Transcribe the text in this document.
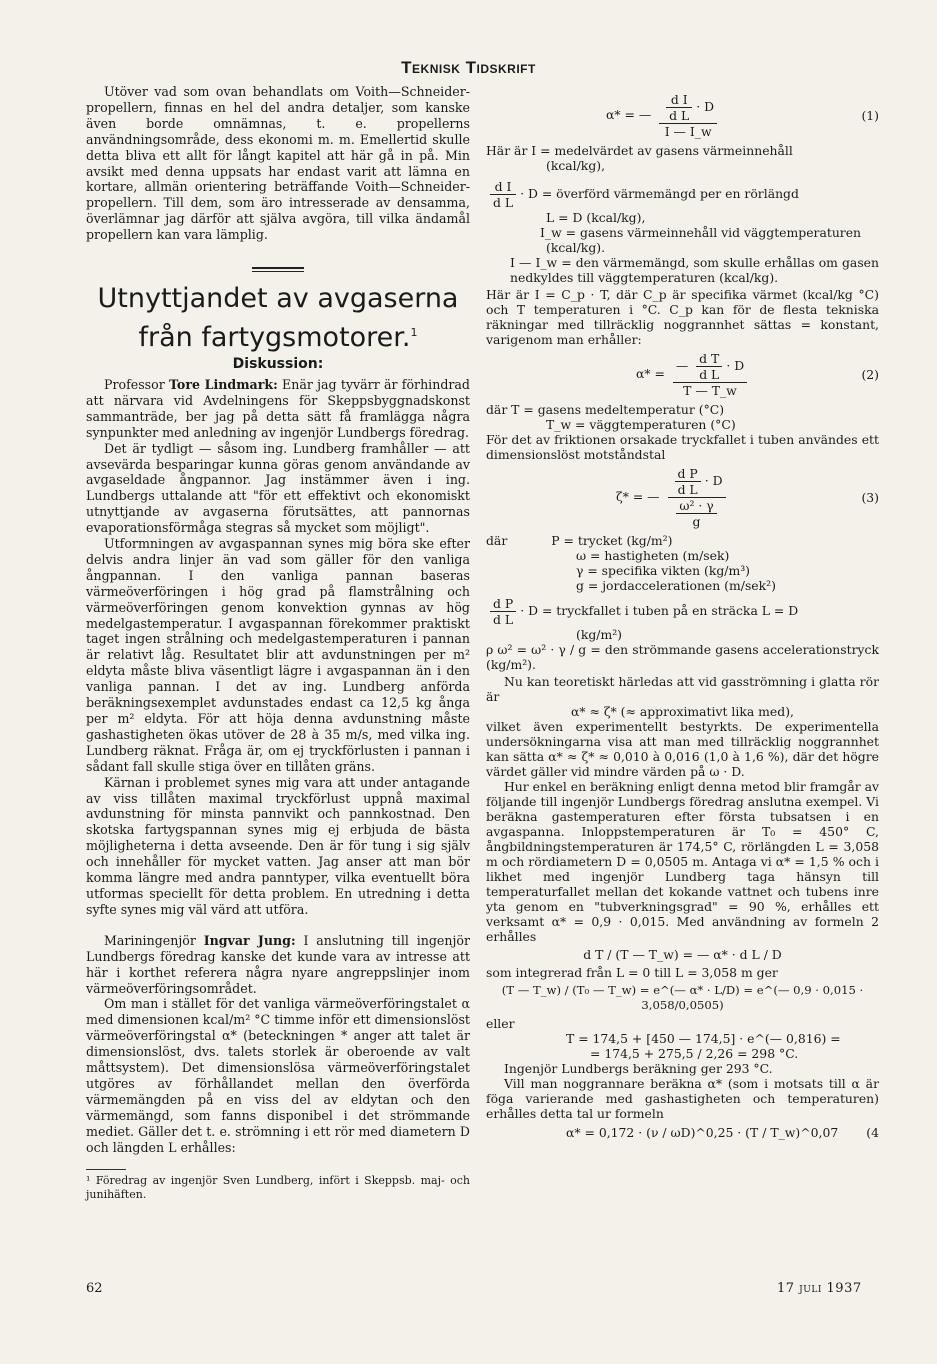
Teknisk Tidskrift

Utöver vad som ovan behandlats om Voith—Schneider-propellern, finnas en hel del andra detaljer, som kanske även borde omnämnas, t. e. propellerns användningsområde, dess ekonomi m. m. Emellertid skulle detta bliva ett allt för långt kapitel att här gå in på. Min avsikt med denna uppsats har endast varit att lämna en kortare, allmän orientering beträffande Voith—Schneider-propellern. Till dem, som äro intresserade av densamma, överlämnar jag därför att själva avgöra, till vilka ändamål propellern kan vara lämplig.

Utnyttjandet av avgaserna från fartygsmotorer.$^1$
Diskussion:

Professor Tore Lindmark: Enär jag tyvärr är förhindrad att närvara vid Avdelningens för Skeppsbyggnadskonst sammanträde, ber jag på detta sätt få framlägga några synpunkter med anledning av ingenjör Lundbergs föredrag.

Det är tydligt — såsom ing. Lundberg framhåller — att avsevärda besparingar kunna göras genom användande av avgaseldade ångpannor. Jag instämmer även i ing. Lundbergs uttalande att "för ett effektivt och ekonomiskt utnyttjande av avgaserna förutsättes, att pannornas evaporationsförmåga stegras så mycket som möjligt".

Utformningen av avgaspannan synes mig böra ske efter delvis andra linjer än vad som gäller för den vanliga ångpannan. I den vanliga pannan baseras värmeöverföringen i hög grad på flamstrålning och värmeöverföringen genom konvektion gynnas av hög medelgastemperatur. I avgaspannan förekommer praktiskt taget ingen strålning och medelgastemperaturen i pannan är relativt låg. Resultatet blir att avdunstningen per m² eldyta måste bliva väsentligt lägre i avgaspannan än i den vanliga pannan. I det av ing. Lundberg anförda beräkningsexemplet avdunstades endast ca 12,5 kg ånga per m² eldyta. För att höja denna avdunstning måste gashastigheten ökas utöver de 28 à 35 m/s, med vilka ing. Lundberg räknat. Fråga är, om ej tryckförlusten i pannan i sådant fall skulle stiga över en tillåten gräns.

Kärnan i problemet synes mig vara att under antagande av viss tillåten maximal tryckförlust uppnå maximal avdunstning för minsta pannvikt och pannkostnad. Den skotska fartygspannan synes mig ej erbjuda de bästa möjligheterna i detta avseende. Den är för tung i sig själv och innehåller för mycket vatten. Jag anser att man bör komma längre med andra panntyper, vilka eventuellt böra utformas speciellt för detta problem. En utredning i detta syfte synes mig väl värd att utföra.

Mariningenjör Ingvar Jung: I anslutning till ingenjör Lundbergs föredrag kanske det kunde vara av intresse att här i korthet referera några nyare angreppslinjer inom värmeöverföringsområdet.

Om man i stället för det vanliga värmeöverföringstalet α med dimensionen kcal/m² °C timme inför ett dimensionslöst värmeöverföringstal α* (beteckningen * anger att talet är dimensionslöst, dvs. talets storlek är oberoende av valt måttsystem). Det dimensionslösa värmeöverföringstalet utgöres av förhållandet mellan den överförda värmemängden på en viss del av eldytan och den värmemängd, som fanns disponibel i det strömmande mediet. Gäller det t. e. strömning i ett rör med diametern D och längden L erhålles:

¹ Föredrag av ingenjör Sven Lundberg, infört i Skeppsb. maj- och junihäften.

α* = — $\frac{\frac{\text{d I}}{\text{d L}} \cdot D}{I — I\_w}$	(1)
Här är I = medelvärdet av gasens värmeinnehåll
(kcal/kg),
$\frac{\text{d I}}{\text{d L}} \cdot D$ = överförd värmemängd per en rörlängd
L = D (kcal/kg),
I_w = gasens värmeinnehåll vid väggtemperaturen
(kcal/kg).
I — I_w = den värmemängd, som skulle erhållas om gasen nedkyldes till väggtemperaturen (kcal/kg).

Här är I = C_p · T, där C_p är specifika värmet (kcal/kg °C) och T temperaturen i °C. C_p kan för de flesta tekniska räkningar med tillräcklig noggrannhet sättas = konstant, varigenom man erhåller:

$\alpha* = \frac{— \frac{\text{d T}}{\text{d L}} \cdot D}{T — T\_w}$	(2)
där T = gasens medeltemperatur (°C)
T_w = väggtemperaturen (°C)

För det av friktionen orsakade tryckfallet i tuben användes ett dimensionslöst motståndstal

ζ* = — $\frac{\frac{\text{d P}}{\text{d L}} \cdot D}{\frac{\text{ω² · γ}}{g}}$	(3)
där	P = trycket (kg/m²)
ω = hastigheten (m/sek)
γ = specifika vikten (kg/m³)
g = jordaccelerationen (m/sek²)
$\frac{\text{d P}}{\text{d L}} \cdot D$ = tryckfallet i tuben på en sträcka L = D
(kg/m²)
ρ ω² = ω² · γ / g = den strömmande gasens accelerationstryck (kg/m²).

Nu kan teoretiskt härledas att vid gasströmning i glatta rör är

α* ≈ ζ* (≈ approximativt lika med),

vilket även experimentellt bestyrkts. De experimentella undersökningarna visa att man med tillräcklig noggrannhet kan sätta α* ≈ ζ* ≈ 0,010 à 0,016 (1,0 à 1,6 %), där det högre värdet gäller vid mindre värden på ω · D.

Hur enkel en beräkning enligt denna metod blir framgår av följande till ingenjör Lundbergs föredrag anslutna exempel. Vi beräkna gastemperaturen efter första tubsatsen i en avgaspanna. Inloppstemperaturen är T₀ = 450° C, ångbildningstemperaturen är 174,5° C, rörlängden L = 3,058 m och rördiametern D = 0,0505 m. Antaga vi α* = 1,5 % och i likhet med ingenjör Lundberg taga hänsyn till temperaturfallet mellan det kokande vattnet och tubens inre yta genom en "tubverkningsgrad" = 90 %, erhålles ett verksamt α* = 0,9 · 0,015. Med användning av formeln 2 erhålles

d T / (T — T_w) = — α* · d L / D

som integrerad från L = 0 till L = 3,058 m ger

(T — T_w) / (T₀ — T_w) = e^(— α* · L/D) = e^(— 0,9 · 0,015 · 3,058/0,0505)
eller
T = 174,5 + [450 — 174,5] · e^(— 0,816) =
= 174,5 + 275,5 / 2,26 = 298 °C.

Ingenjör Lundbergs beräkning ger 293 °C.

Vill man noggrannare beräkna α* (som i motsats till α är föga varierande med gashastigheten och temperaturen) erhålles detta tal ur formeln

α* = 0,172 · (ν / ωD)^0,25 · (T / T_w)^0,07 (4
62	17 juli 1937
